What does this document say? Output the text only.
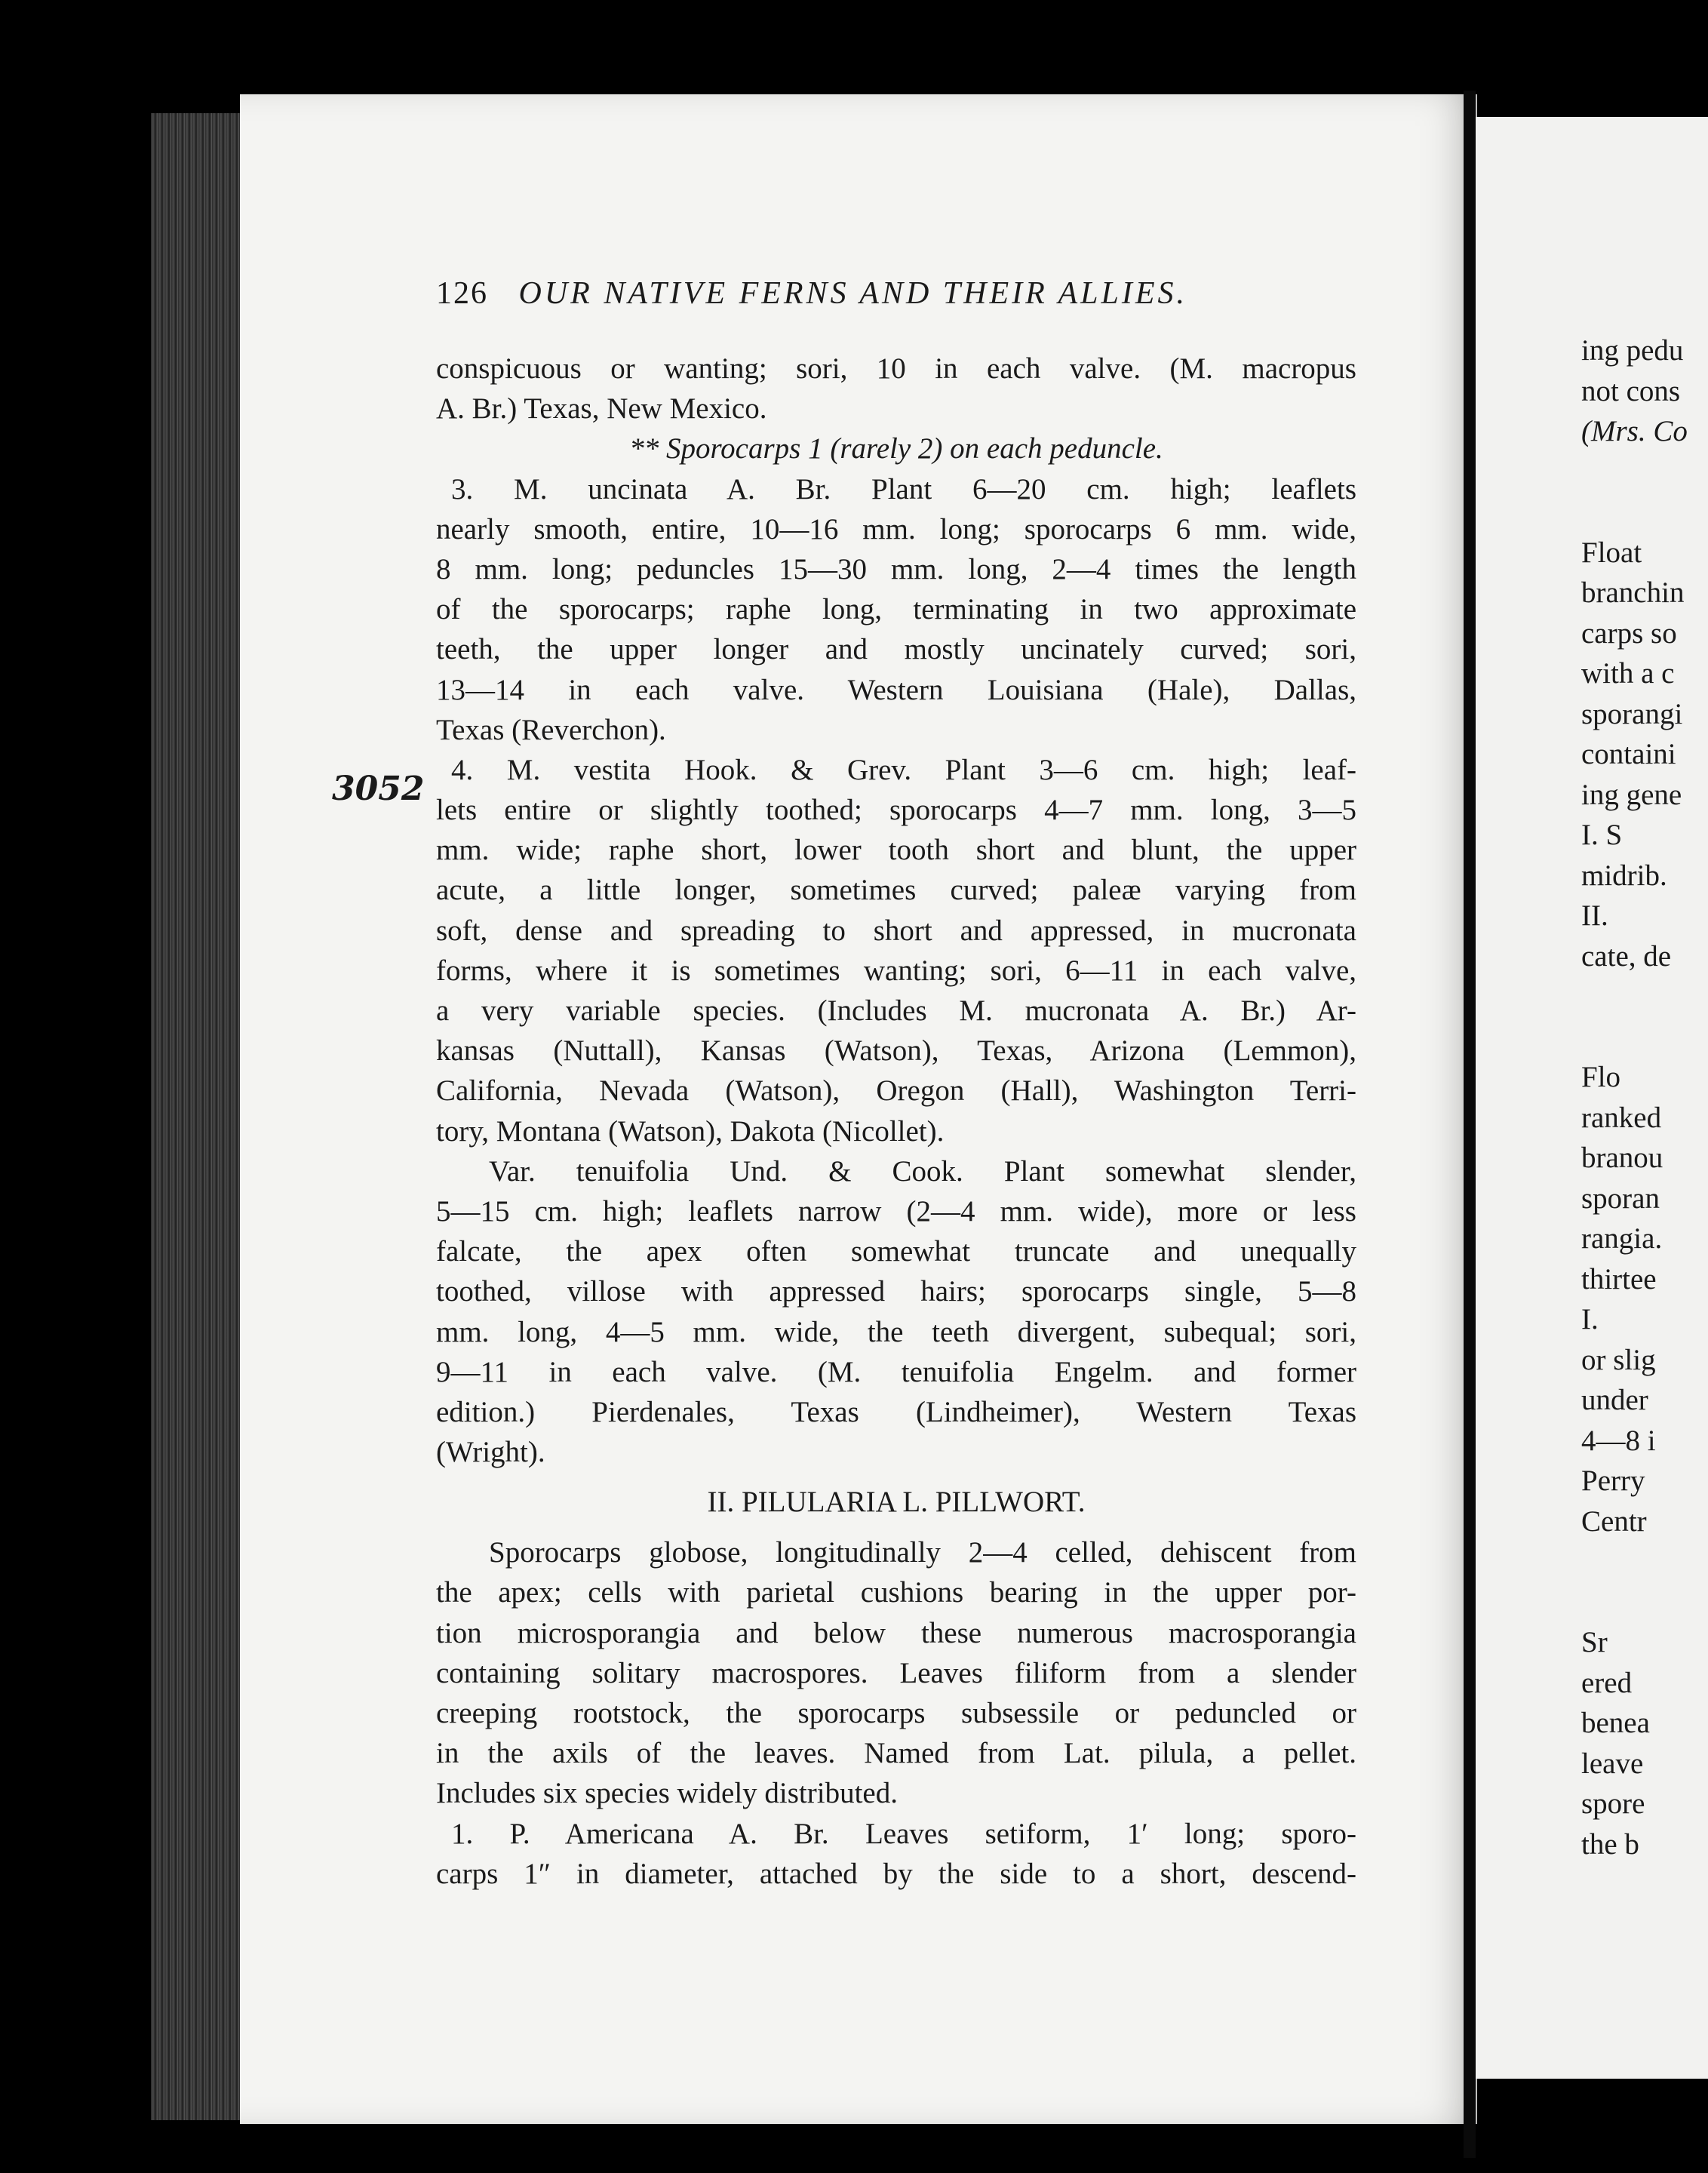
126 OUR NATIVE FERNS AND THEIR ALLIES.
3052
conspicuous or wanting; sori, 10 in each valve. (M. macropus
A. Br.) Texas, New Mexico.
** Sporocarps 1 (rarely 2) on each peduncle.
3. M. uncinata A. Br. Plant 6—20 cm. high; leaflets
nearly smooth, entire, 10—16 mm. long; sporocarps 6 mm. wide,
8 mm. long; peduncles 15—30 mm. long, 2—4 times the length
of the sporocarps; raphe long, terminating in two approximate
teeth, the upper longer and mostly uncinately curved; sori,
13—14 in each valve. Western Louisiana (Hale), Dallas,
Texas (Reverchon).
4. M. vestita Hook. & Grev. Plant 3—6 cm. high; leaf-
lets entire or slightly toothed; sporocarps 4—7 mm. long, 3—5
mm. wide; raphe short, lower tooth short and blunt, the upper
acute, a little longer, sometimes curved; paleæ varying from
soft, dense and spreading to short and appressed, in mucronata
forms, where it is sometimes wanting; sori, 6—11 in each valve,
a very variable species. (Includes M. mucronata A. Br.) Ar-
kansas (Nuttall), Kansas (Watson), Texas, Arizona (Lemmon),
California, Nevada (Watson), Oregon (Hall), Washington Terri-
tory, Montana (Watson), Dakota (Nicollet).
Var. tenuifolia Und. & Cook. Plant somewhat slender,
5—15 cm. high; leaflets narrow (2—4 mm. wide), more or less
falcate, the apex often somewhat truncate and unequally
toothed, villose with appressed hairs; sporocarps single, 5—8
mm. long, 4—5 mm. wide, the teeth divergent, subequal; sori,
9—11 in each valve. (M. tenuifolia Engelm. and former
edition.) Pierdenales, Texas (Lindheimer), Western Texas
(Wright).
II. PILULARIA L. PILLWORT.
Sporocarps globose, longitudinally 2—4 celled, dehiscent from
the apex; cells with parietal cushions bearing in the upper por-
tion microsporangia and below these numerous macrosporangia
containing solitary macrospores. Leaves filiform from a slender
creeping rootstock, the sporocarps subsessile or peduncled or
in the axils of the leaves. Named from Lat. pilula, a pellet.
Includes six species widely distributed.
1. P. Americana A. Br. Leaves setiform, 1′ long; sporo-
carps 1″ in diameter, attached by the side to a short, descend-
ing pedu
not cons
(Mrs. Co
Float
branchin
carps so
with a c
sporangi
containi
ing gene
I. S
midrib.
II.
cate, de
Flo
ranked
branou
sporan
rangia.
thirtee
I.
or slig
under
4—8 i
Perry
Centr
Sr
ered
benea
leave
spore
the b
